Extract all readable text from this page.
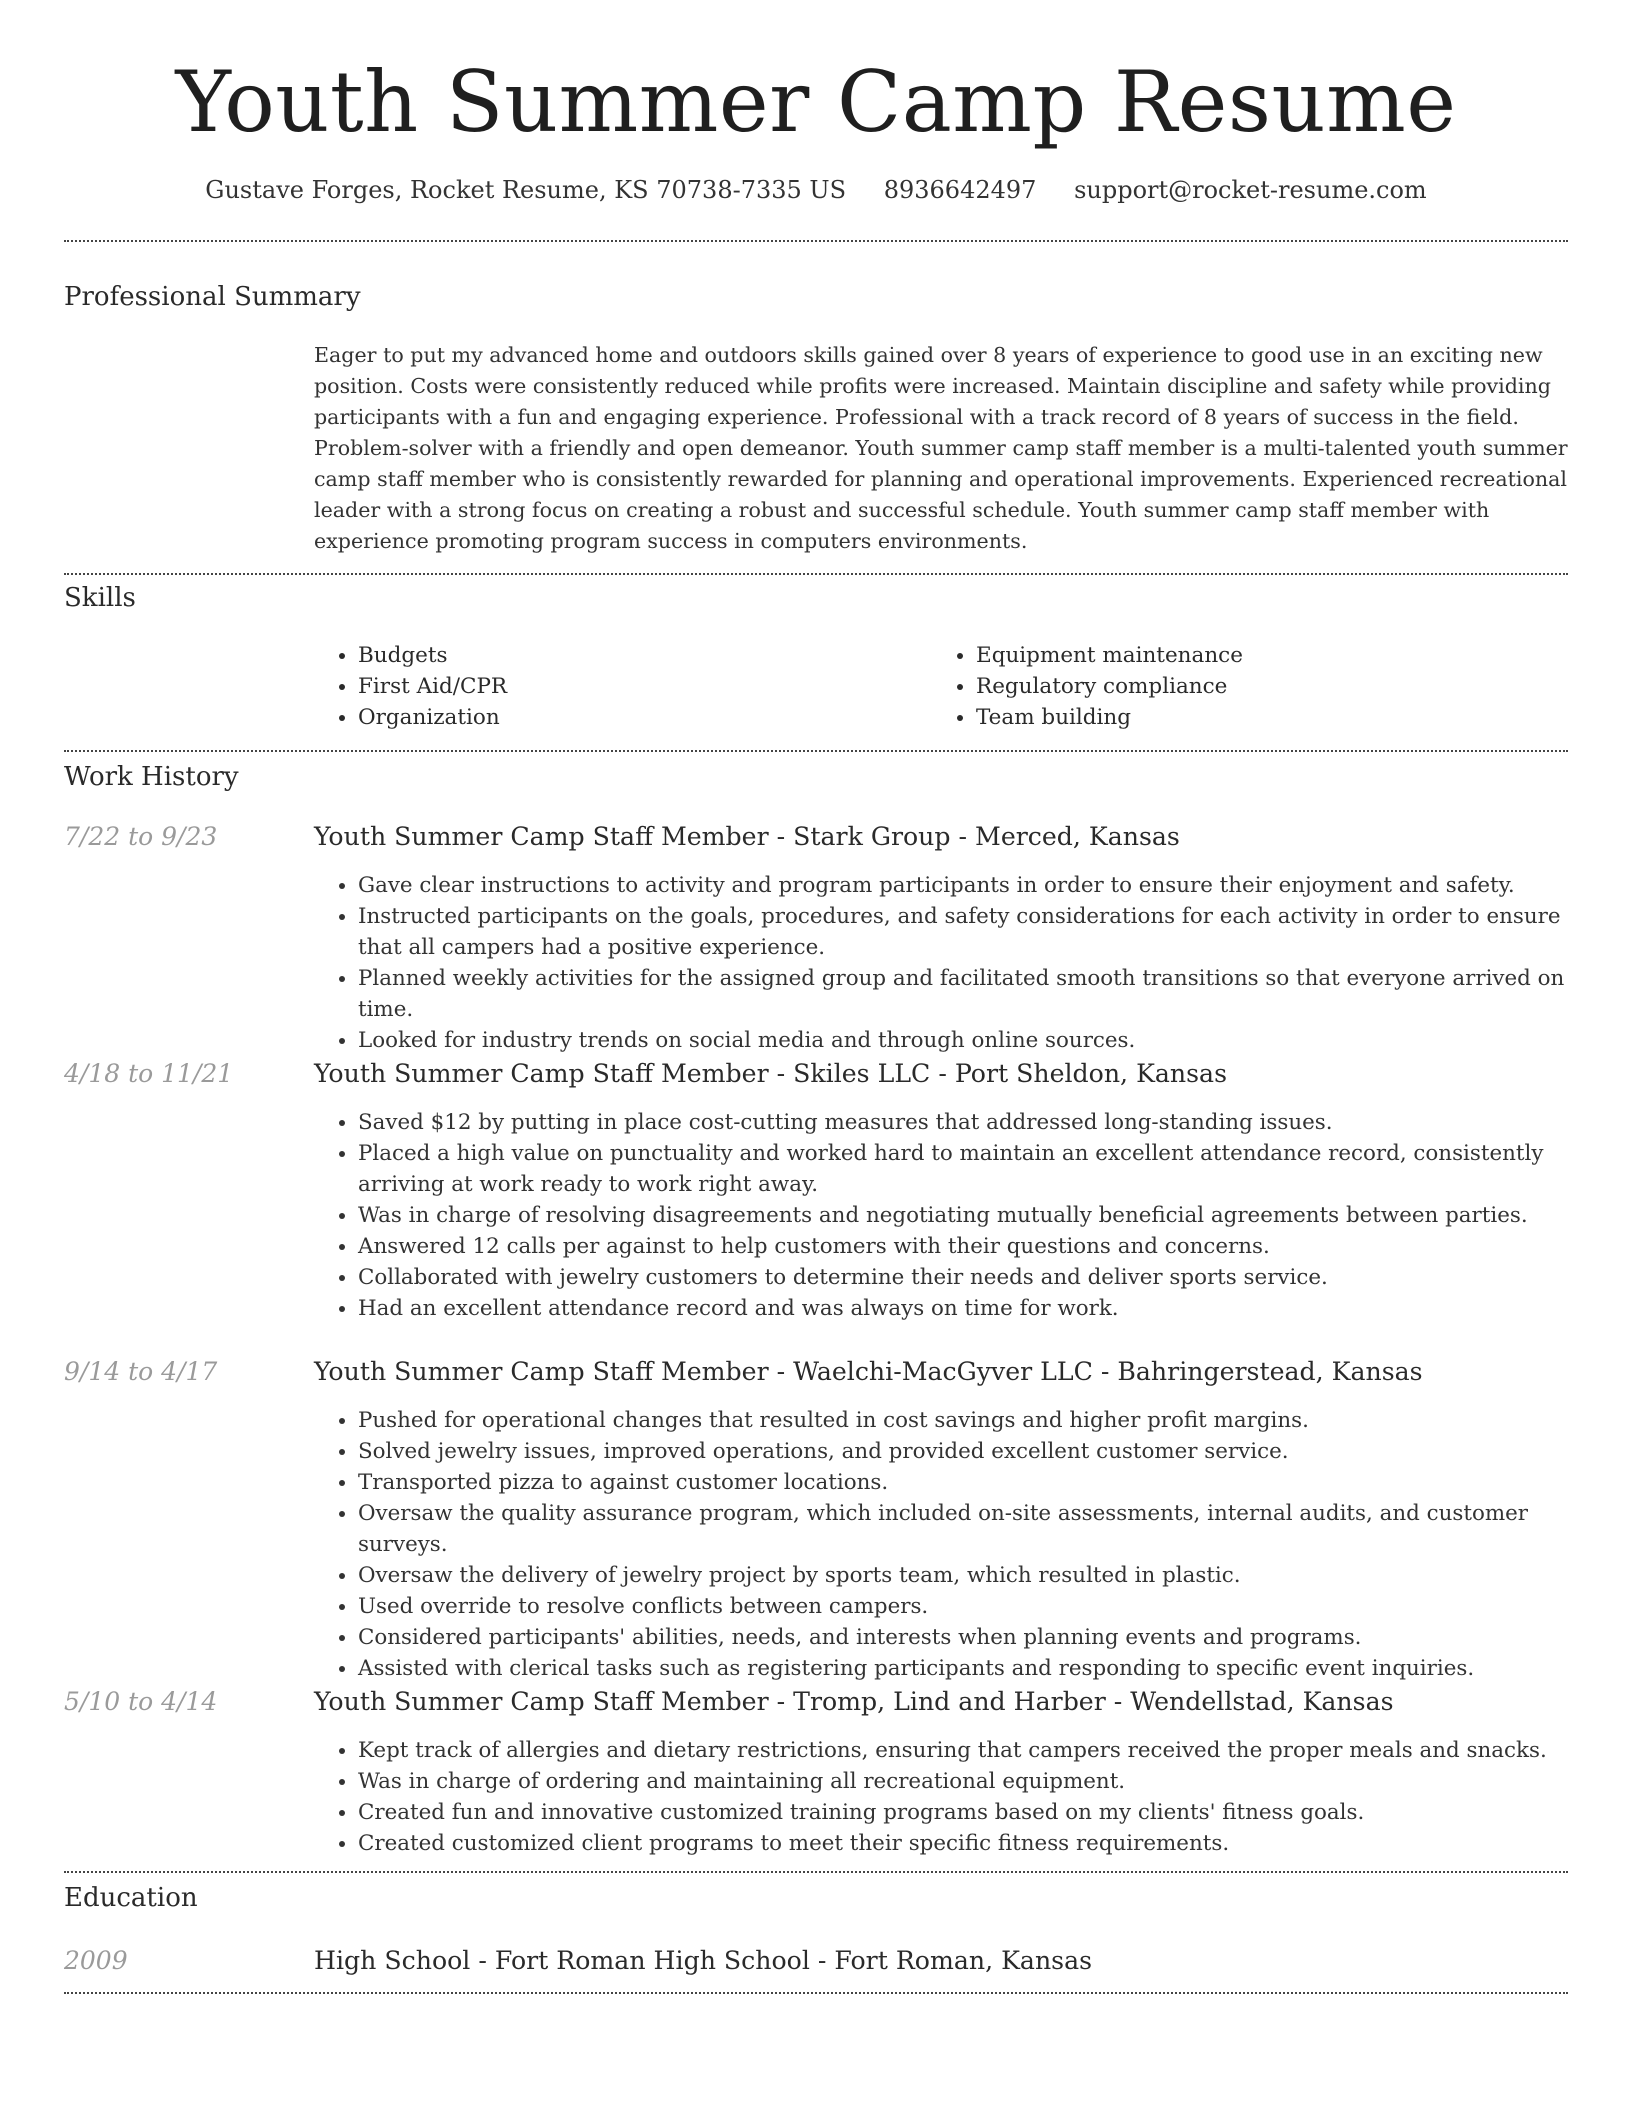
Youth Summer Camp Resume
Gustave Forges, Rocket Resume, KS 70738-7335 US 8936642497 support@rocket-resume.com
Professional Summary

Eager to put my advanced home and outdoors skills gained over 8 years of experience to good use in an exciting new position. Costs were consistently reduced while profits were increased. Maintain discipline and safety while providing participants with a fun and engaging experience. Professional with a track record of 8 years of success in the field. Problem-solver with a friendly and open demeanor. Youth summer camp staff member is a multi-talented youth summer camp staff member who is consistently rewarded for planning and operational improvements. Experienced recreational leader with a strong focus on creating a robust and successful schedule. Youth summer camp staff member with experience promoting program success in computers environments.

Skills
• Budgets
• First Aid/CPR
• Organization
• Equipment maintenance
• Regulatory compliance
• Team building
Work History
7/22 to 9/23	Youth Summer Camp Staff Member - Stark Group - Merced, Kansas
• Gave clear instructions to activity and program participants in order to ensure their enjoyment and safety.
• Instructed participants on the goals, procedures, and safety considerations for each activity in order to ensure that all campers had a positive experience.
• Planned weekly activities for the assigned group and facilitated smooth transitions so that everyone arrived on time.
• Looked for industry trends on social media and through online sources.
4/18 to 11/21	Youth Summer Camp Staff Member - Skiles LLC - Port Sheldon, Kansas
• Saved $12 by putting in place cost-cutting measures that addressed long-standing issues.
• Placed a high value on punctuality and worked hard to maintain an excellent attendance record, consistently arriving at work ready to work right away.
• Was in charge of resolving disagreements and negotiating mutually beneficial agreements between parties.
• Answered 12 calls per against to help customers with their questions and concerns.
• Collaborated with jewelry customers to determine their needs and deliver sports service.
• Had an excellent attendance record and was always on time for work.
9/14 to 4/17	Youth Summer Camp Staff Member - Waelchi-MacGyver LLC - Bahringerstead, Kansas
• Pushed for operational changes that resulted in cost savings and higher profit margins.
• Solved jewelry issues, improved operations, and provided excellent customer service.
• Transported pizza to against customer locations.
• Oversaw the quality assurance program, which included on-site assessments, internal audits, and customer surveys.
• Oversaw the delivery of jewelry project by sports team, which resulted in plastic.
• Used override to resolve conflicts between campers.
• Considered participants' abilities, needs, and interests when planning events and programs.
• Assisted with clerical tasks such as registering participants and responding to specific event inquiries.
5/10 to 4/14	Youth Summer Camp Staff Member - Tromp, Lind and Harber - Wendellstad, Kansas
• Kept track of allergies and dietary restrictions, ensuring that campers received the proper meals and snacks.
• Was in charge of ordering and maintaining all recreational equipment.
• Created fun and innovative customized training programs based on my clients' fitness goals.
• Created customized client programs to meet their specific fitness requirements.
Education
2009	High School - Fort Roman High School - Fort Roman, Kansas
